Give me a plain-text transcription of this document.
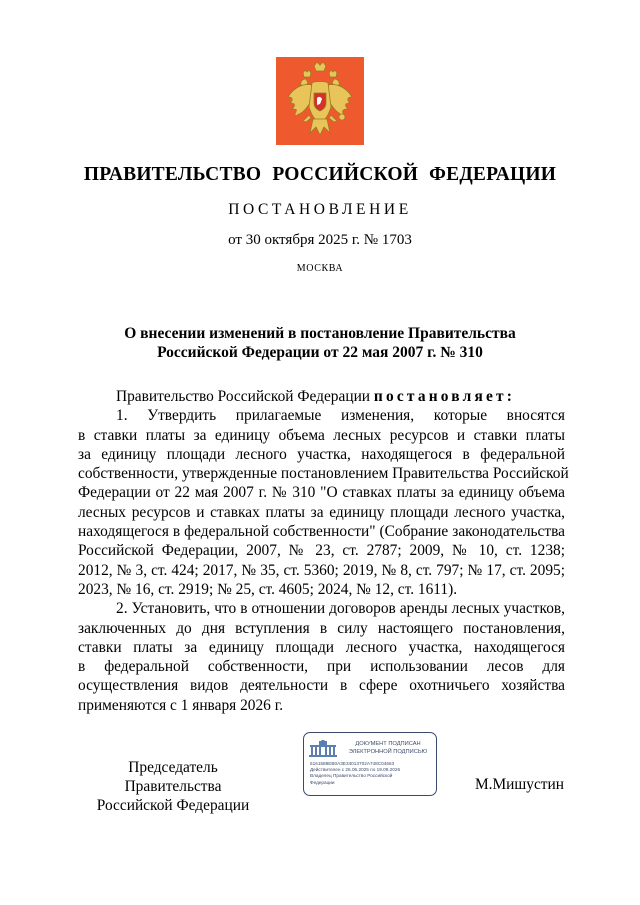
ПРАВИТЕЛЬСТВО РОССИЙСКОЙ ФЕДЕРАЦИИ
ПОСТАНОВЛЕНИЕ
от 30 октября 2025 г. № 1703
МОСКВА
О внесении изменений в постановление Правительства
Российской Федерации от 22 мая 2007 г. № 310
Правительство Российской Федерации постановляет:
1. Утвердить прилагаемые изменения, которые вносятся
в ставки платы за единицу объема лесных ресурсов и ставки платы
за единицу площади лесного участка, находящегося в федеральной
собственности, утвержденные постановлением Правительства Российской
Федерации от 22 мая 2007 г. № 310 "О ставках платы за единицу объема
лесных ресурсов и ставках платы за единицу площади лесного участка,
находящегося в федеральной собственности" (Собрание законодательства
Российской Федерации, 2007, № 23, ст. 2787; 2009, № 10, ст. 1238;
2012, № 3, ст. 424; 2017, № 35, ст. 5360; 2019, № 8, ст. 797; № 17, ст. 2095;
2023, № 16, ст. 2919; № 25, ст. 4605; 2024, № 12, ст. 1611).
2. Установить, что в отношении договоров аренды лесных участков,
заключенных до дня вступления в силу настоящего постановления,
ставки платы за единицу площади лесного участка, находящегося
в федеральной собственности, при использовании лесов для
осуществления видов деятельности в сфере охотничьего хозяйства
применяются с 1 января 2026 г.
Председатель Правительства
Российской Федерации
ДОКУМЕНТ ПОДПИСАН
ЭЛЕКТРОННОЙ ПОДПИСЬЮ
5161588EB0A3E34013702A748C04663
Действителен с 26.06.2025 по 19.09.2026
Владелец Правительство Российской
Федерации	М.Мишустин
